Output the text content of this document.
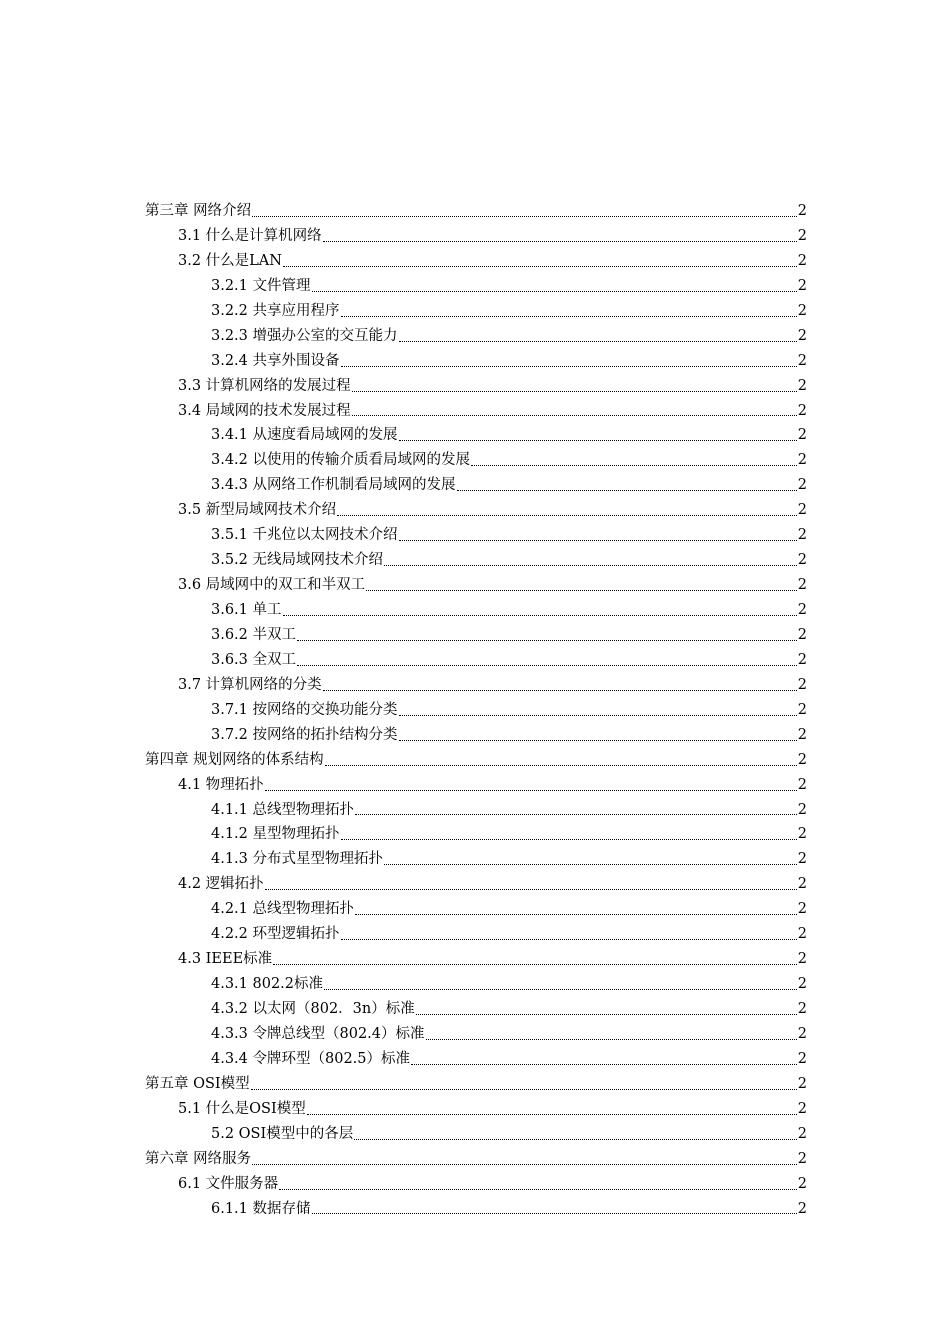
第三章 网络介绍	2
3.1 什么是计算机网络	2
3.2 什么是LAN	2
3.2.1 文件管理	2
3.2.2 共享应用程序	2
3.2.3 增强办公室的交互能力	2
3.2.4 共享外围设备	2
3.3 计算机网络的发展过程	2
3.4 局域网的技术发展过程	2
3.4.1 从速度看局域网的发展	2
3.4.2 以使用的传输介质看局域网的发展	2
3.4.3 从网络工作机制看局域网的发展	2
3.5 新型局域网技术介绍	2
3.5.1 千兆位以太网技术介绍	2
3.5.2 无线局域网技术介绍	2
3.6 局域网中的双工和半双工	2
3.6.1 单工	2
3.6.2 半双工	2
3.6.3 全双工	2
3.7 计算机网络的分类	2
3.7.1 按网络的交换功能分类	2
3.7.2 按网络的拓扑结构分类	2
第四章 规划网络的体系结构	2
4.1 物理拓扑	2
4.1.1 总线型物理拓扑	2
4.1.2 星型物理拓扑	2
4.1.3 分布式星型物理拓扑	2
4.2 逻辑拓扑	2
4.2.1 总线型物理拓扑	2
4.2.2 环型逻辑拓扑	2
4.3 IEEE标准	2
4.3.1 802.2标准	2
4.3.2 以太网（802．3n）标准	2
4.3.3 令牌总线型（802.4）标准	2
4.3.4 令牌环型（802.5）标准	2
第五章 OSI模型	2
5.1 什么是OSI模型	2
5.2 OSI模型中的各层	2
第六章 网络服务	2
6.1 文件服务器	2
6.1.1 数据存储	2
